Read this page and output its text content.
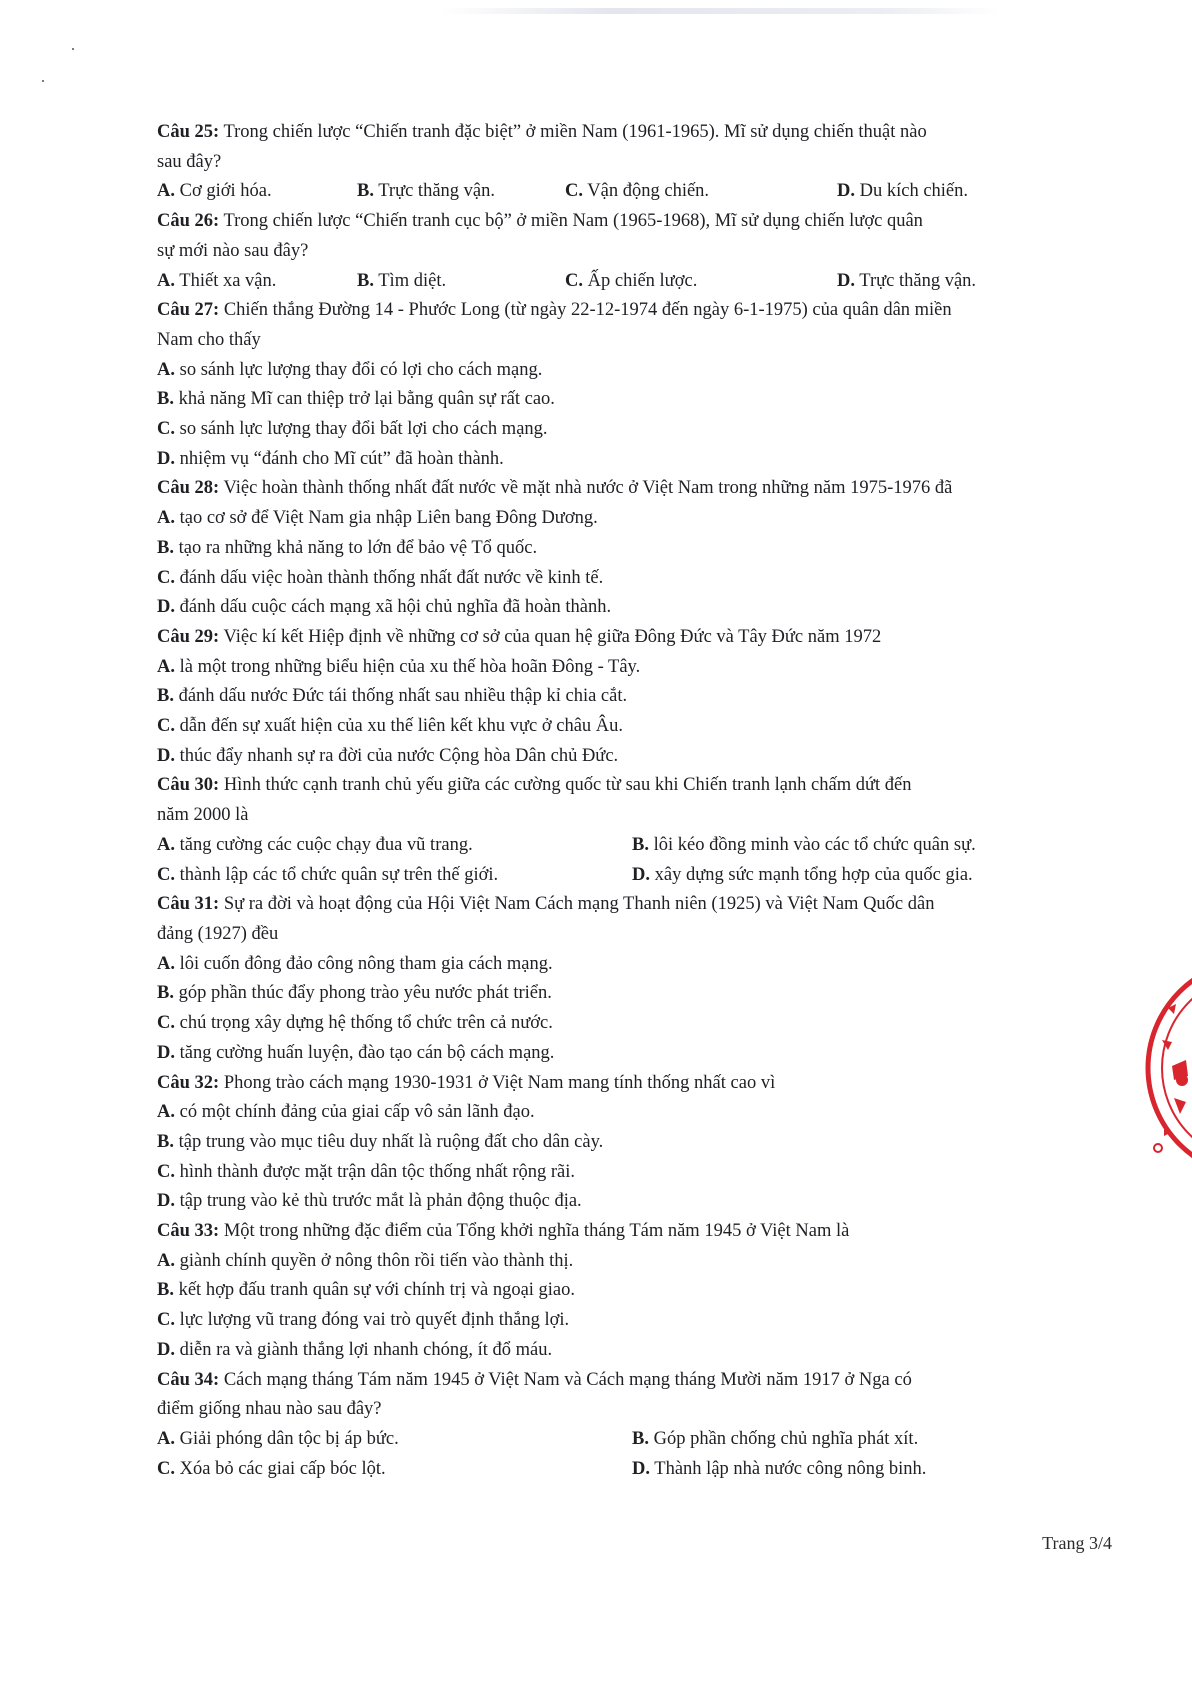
Câu 25: Trong chiến lược “Chiến tranh đặc biệt” ở miền Nam (1961-1965). Mĩ sử dụng chiến thuật nào
sau đây?
A. Cơ giới hóa.	B. Trực thăng vận.	C. Vận động chiến.	D. Du kích chiến.
Câu 26: Trong chiến lược “Chiến tranh cục bộ” ở miền Nam (1965-1968), Mĩ sử dụng chiến lược quân
sự mới nào sau đây?
A. Thiết xa vận.	B. Tìm diệt.	C. Ấp chiến lược.	D. Trực thăng vận.
Câu 27: Chiến thắng Đường 14 - Phước Long (từ ngày 22-12-1974 đến ngày 6-1-1975) của quân dân miền
Nam cho thấy
A. so sánh lực lượng thay đổi có lợi cho cách mạng.
B. khả năng Mĩ can thiệp trở lại bằng quân sự rất cao.
C. so sánh lực lượng thay đổi bất lợi cho cách mạng.
D. nhiệm vụ “đánh cho Mĩ cút” đã hoàn thành.
Câu 28: Việc hoàn thành thống nhất đất nước về mặt nhà nước ở Việt Nam trong những năm 1975-1976 đã
A. tạo cơ sở để Việt Nam gia nhập Liên bang Đông Dương.
B. tạo ra những khả năng to lớn để bảo vệ Tổ quốc.
C. đánh dấu việc hoàn thành thống nhất đất nước về kinh tế.
D. đánh dấu cuộc cách mạng xã hội chủ nghĩa đã hoàn thành.
Câu 29: Việc kí kết Hiệp định về những cơ sở của quan hệ giữa Đông Đức và Tây Đức năm 1972
A. là một trong những biểu hiện của xu thế hòa hoãn Đông - Tây.
B. đánh dấu nước Đức tái thống nhất sau nhiều thập kỉ chia cắt.
C. dẫn đến sự xuất hiện của xu thế liên kết khu vực ở châu Âu.
D. thúc đẩy nhanh sự ra đời của nước Cộng hòa Dân chủ Đức.
Câu 30: Hình thức cạnh tranh chủ yếu giữa các cường quốc từ sau khi Chiến tranh lạnh chấm dứt đến
năm 2000 là
A. tăng cường các cuộc chạy đua vũ trang.	B. lôi kéo đồng minh vào các tổ chức quân sự.
C. thành lập các tổ chức quân sự trên thế giới.	D. xây dựng sức mạnh tổng hợp của quốc gia.
Câu 31: Sự ra đời và hoạt động của Hội Việt Nam Cách mạng Thanh niên (1925) và Việt Nam Quốc dân
đảng (1927) đều
A. lôi cuốn đông đảo công nông tham gia cách mạng.
B. góp phần thúc đẩy phong trào yêu nước phát triển.
C. chú trọng xây dựng hệ thống tổ chức trên cả nước.
D. tăng cường huấn luyện, đào tạo cán bộ cách mạng.
Câu 32: Phong trào cách mạng 1930-1931 ở Việt Nam mang tính thống nhất cao vì
A. có một chính đảng của giai cấp vô sản lãnh đạo.
B. tập trung vào mục tiêu duy nhất là ruộng đất cho dân cày.
C. hình thành được mặt trận dân tộc thống nhất rộng rãi.
D. tập trung vào kẻ thù trước mắt là phản động thuộc địa.
Câu 33: Một trong những đặc điểm của Tổng khởi nghĩa tháng Tám năm 1945 ở Việt Nam là
A. giành chính quyền ở nông thôn rồi tiến vào thành thị.
B. kết hợp đấu tranh quân sự với chính trị và ngoại giao.
C. lực lượng vũ trang đóng vai trò quyết định thắng lợi.
D. diễn ra và giành thắng lợi nhanh chóng, ít đổ máu.
Câu 34: Cách mạng tháng Tám năm 1945 ở Việt Nam và Cách mạng tháng Mười năm 1917 ở Nga có
điểm giống nhau nào sau đây?
A. Giải phóng dân tộc bị áp bức.	B. Góp phần chống chủ nghĩa phát xít.
C. Xóa bỏ các giai cấp bóc lột.	D. Thành lập nhà nước công nông binh.
Trang 3/4
